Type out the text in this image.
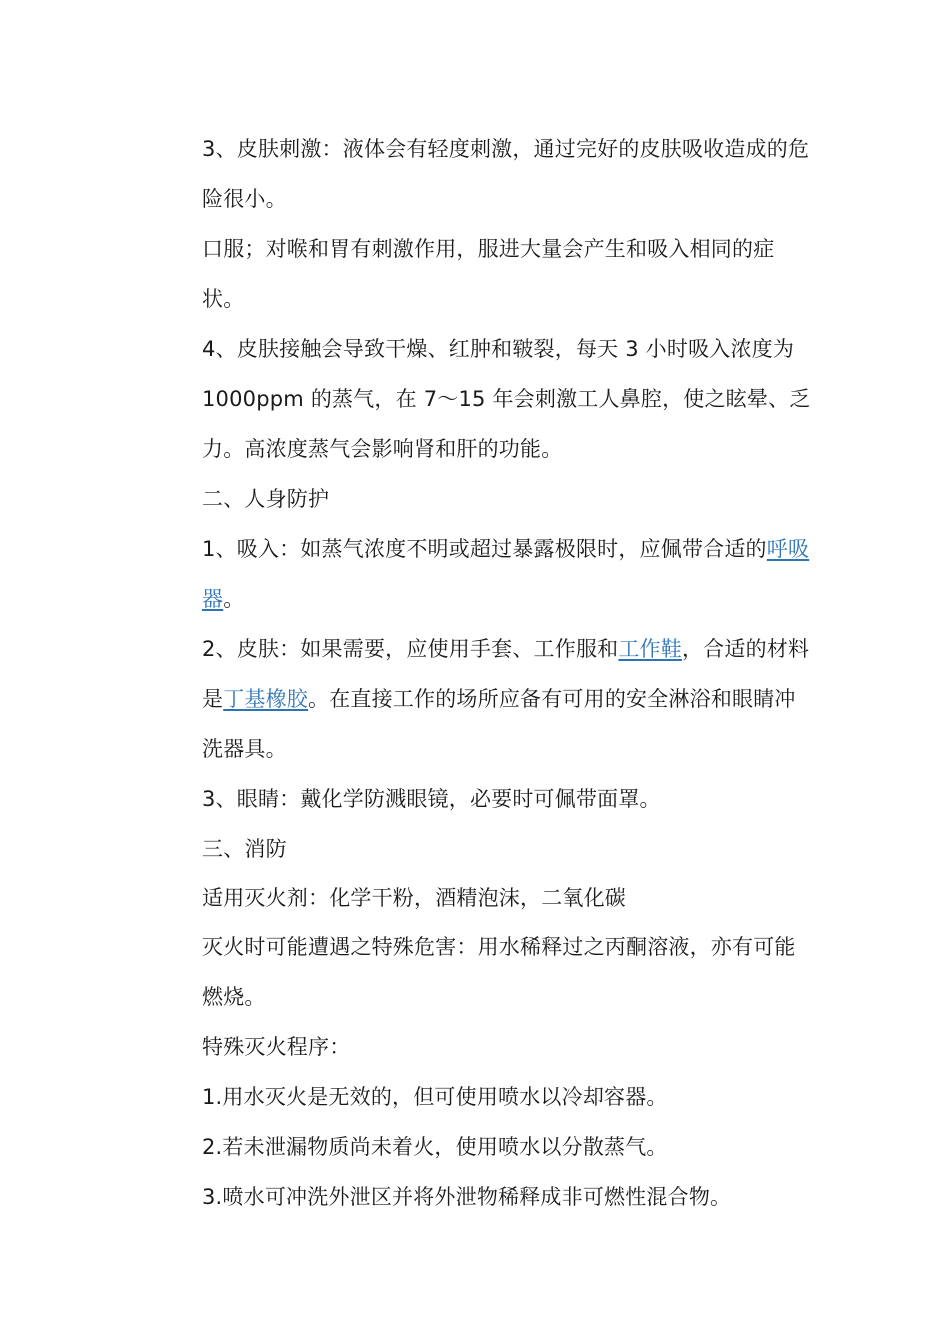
3、皮肤刺激：液体会有轻度刺激，通过完好的皮肤吸收造成的危险很小。

口服；对喉和胃有刺激作用，服进大量会产生和吸入相同的症状。

4、皮肤接触会导致干燥、红肿和皲裂，每天 3 小时吸入浓度为 1000ppm 的蒸气，在 7～15 年会刺激工人鼻腔，使之眩晕、乏力。高浓度蒸气会影响肾和肝的功能。

二、人身防护

1、吸入：如蒸气浓度不明或超过暴露极限时，应佩带合适的呼吸器。

2、皮肤：如果需要，应使用手套、工作服和工作鞋，合适的材料是丁基橡胶。在直接工作的场所应备有可用的安全淋浴和眼睛冲洗器具。

3、眼睛：戴化学防溅眼镜，必要时可佩带面罩。

三、消防

适用灭火剂：化学干粉，酒精泡沫，二氧化碳

灭火时可能遭遇之特殊危害：用水稀释过之丙酮溶液，亦有可能燃烧。

特殊灭火程序：

1.用水灭火是无效的，但可使用喷水以冷却容器。

2.若未泄漏物质尚未着火，使用喷水以分散蒸气。

3.喷水可冲洗外泄区并将外泄物稀释成非可燃性混合物。
